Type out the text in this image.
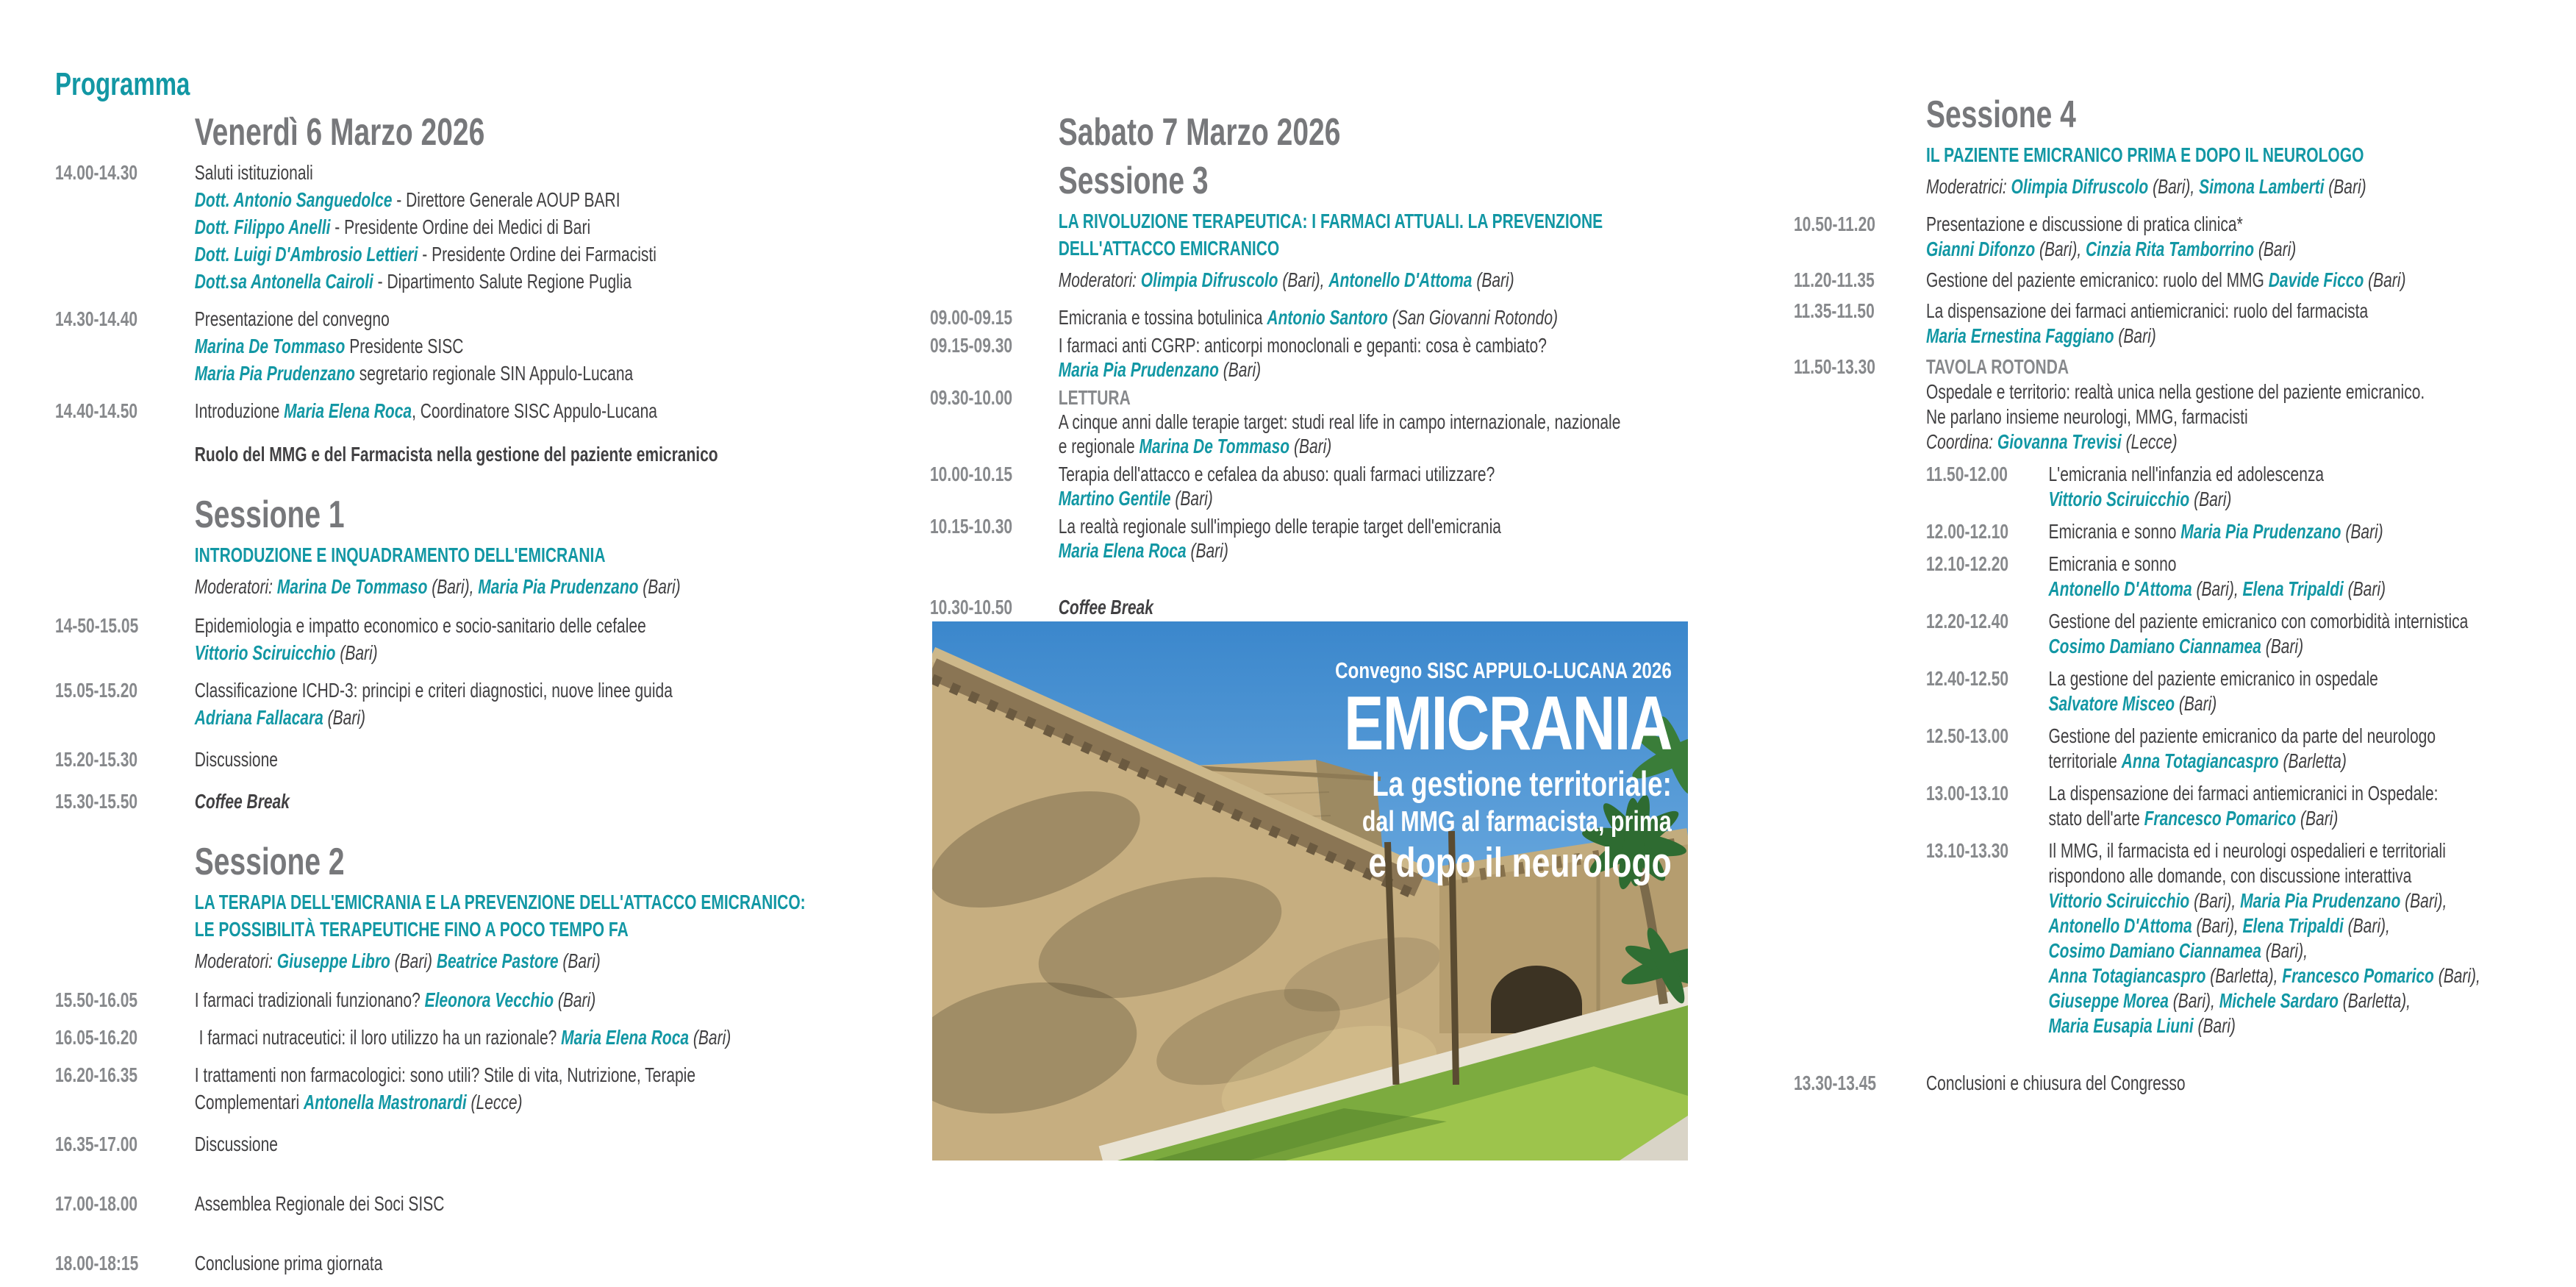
Programma
Venerdì 6 Marzo 2026
14.00-14.30	Saluti istituzionali
Dott. Antonio Sanguedolce - Direttore Generale AOUP BARI
Dott. Filippo Anelli - Presidente Ordine dei Medici di Bari
Dott. Luigi D'Ambrosio Lettieri - Presidente Ordine dei Farmacisti
Dott.sa Antonella Cairoli - Dipartimento Salute Regione Puglia
14.30-14.40	Presentazione del convegno
Marina De Tommaso Presidente SISC
Maria Pia Prudenzano segretario regionale SIN Appulo-Lucana
14.40-14.50	Introduzione Maria Elena Roca, Coordinatore SISC Appulo-Lucana
Ruolo del MMG e del Farmacista nella gestione del paziente emicranico
Sessione 1
INTRODUZIONE E INQUADRAMENTO DELL'EMICRANIA
Moderatori: Marina De Tommaso (Bari), Maria Pia Prudenzano (Bari)
14-50-15.05	Epidemiologia e impatto economico e socio-sanitario delle cefalee
Vittorio Sciruicchio (Bari)
15.05-15.20	Classificazione ICHD-3: principi e criteri diagnostici, nuove linee guida
Adriana Fallacara (Bari)
15.20-15.30	Discussione
15.30-15.50	Coffee Break
Sessione 2
LA TERAPIA DELL'EMICRANIA E LA PREVENZIONE DELL'ATTACCO EMICRANICO:
LE POSSIBILITÀ TERAPEUTICHE FINO A POCO TEMPO FA
Moderatori: Giuseppe Libro (Bari) Beatrice Pastore (Bari)
15.50-16.05	I farmaci tradizionali funzionano? Eleonora Vecchio (Bari)
16.05-16.20	I farmaci nutraceutici: il loro utilizzo ha un razionale? Maria Elena Roca (Bari)
16.20-16.35	I trattamenti non farmacologici: sono utili? Stile di vita, Nutrizione, Terapie
Complementari Antonella Mastronardi (Lecce)
16.35-17.00	Discussione
17.00-18.00	Assemblea Regionale dei Soci SISC
18.00-18:15	Conclusione prima giornata
Sabato 7 Marzo 2026
Sessione 3
LA RIVOLUZIONE TERAPEUTICA: I FARMACI ATTUALI. LA PREVENZIONE
DELL'ATTACCO EMICRANICO
Moderatori: Olimpia Difruscolo (Bari), Antonello D'Attoma (Bari)
09.00-09.15	Emicrania e tossina botulinica Antonio Santoro (San Giovanni Rotondo)
09.15-09.30	I farmaci anti CGRP: anticorpi monoclonali e gepanti: cosa è cambiato?
Maria Pia Prudenzano (Bari)
09.30-10.00	LETTURA
A cinque anni dalle terapie target: studi real life in campo internazionale, nazionale
e regionale Marina De Tommaso (Bari)
10.00-10.15	Terapia dell'attacco e cefalea da abuso: quali farmaci utilizzare?
Martino Gentile (Bari)
10.15-10.30	La realtà regionale sull'impiego delle terapie target dell'emicrania
Maria Elena Roca (Bari)
10.30-10.50	Coffee Break
Sessione 4
IL PAZIENTE EMICRANICO PRIMA E DOPO IL NEUROLOGO
Moderatrici: Olimpia Difruscolo (Bari), Simona Lamberti (Bari)
10.50-11.20	Presentazione e discussione di pratica clinica*
Gianni Difonzo (Bari), Cinzia Rita Tamborrino (Bari)
11.20-11.35	Gestione del paziente emicranico: ruolo del MMG Davide Ficco (Bari)
11.35-11.50	La dispensazione dei farmaci antiemicranici: ruolo del farmacista
Maria Ernestina Faggiano (Bari)
11.50-13.30	TAVOLA ROTONDA
Ospedale e territorio: realtà unica nella gestione del paziente emicranico.
Ne parlano insieme neurologi, MMG, farmacisti
Coordina: Giovanna Trevisi (Lecce)
11.50-12.00	L'emicrania nell'infanzia ed adolescenza
Vittorio Sciruicchio (Bari)
12.00-12.10	Emicrania e sonno Maria Pia Prudenzano (Bari)
12.10-12.20	Emicrania e sonno
Antonello D'Attoma (Bari), Elena Tripaldi (Bari)
12.20-12.40	Gestione del paziente emicranico con comorbidità internistica
Cosimo Damiano Ciannamea (Bari)
12.40-12.50	La gestione del paziente emicranico in ospedale
Salvatore Misceo (Bari)
12.50-13.00	Gestione del paziente emicranico da parte del neurologo
territoriale Anna Totagiancaspro (Barletta)
13.00-13.10	La dispensazione dei farmaci antiemicranici in Ospedale:
stato dell'arte Francesco Pomarico (Bari)
13.10-13.30	Il MMG, il farmacista ed i neurologi ospedalieri e territoriali
rispondono alle domande, con discussione interattiva
Vittorio Sciruicchio (Bari), Maria Pia Prudenzano (Bari),
Antonello D'Attoma (Bari), Elena Tripaldi (Bari),
Cosimo Damiano Ciannamea (Bari),
Anna Totagiancaspro (Barletta), Francesco Pomarico (Bari),
Giuseppe Morea (Bari), Michele Sardaro (Barletta),
Maria Eusapia Liuni (Bari)
13.30-13.45	Conclusioni e chiusura del Congresso
Convegno SISC APPULO-LUCANA 2026
EMICRANIA
La gestione territoriale:
dal MMG al farmacista, prima
e dopo il neurologo
